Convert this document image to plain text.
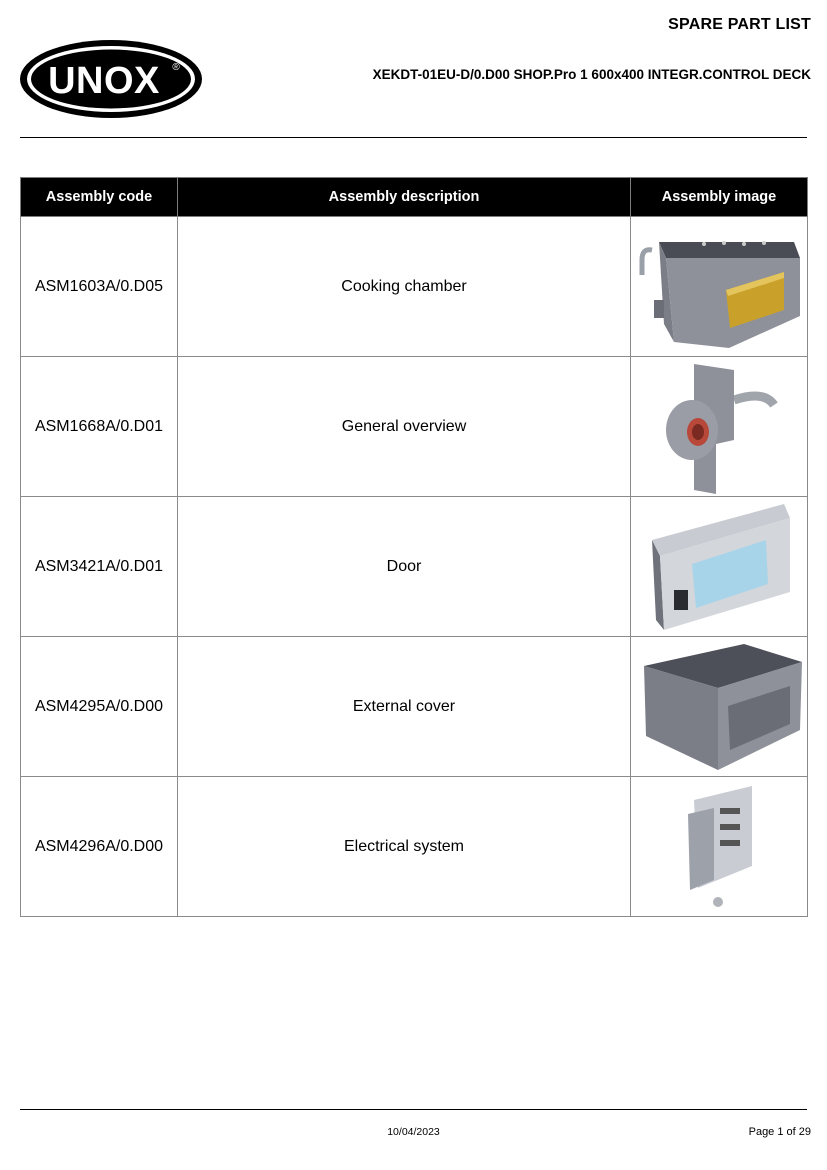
UNOX ®
SPARE PART LIST
XEKDT-01EU-D/0.D00 SHOP.Pro 1 600x400 INTEGR.CONTROL DECK
Assembly code	Assembly description	Assembly image
ASM1603A/0.D05	Cooking chamber	

ASM1668A/0.D01	General overview	

ASM3421A/0.D01	Door	

ASM4295A/0.D00	External cover	

ASM4296A/0.D00	Electrical system	
10/04/2023	Page 1 of 29
